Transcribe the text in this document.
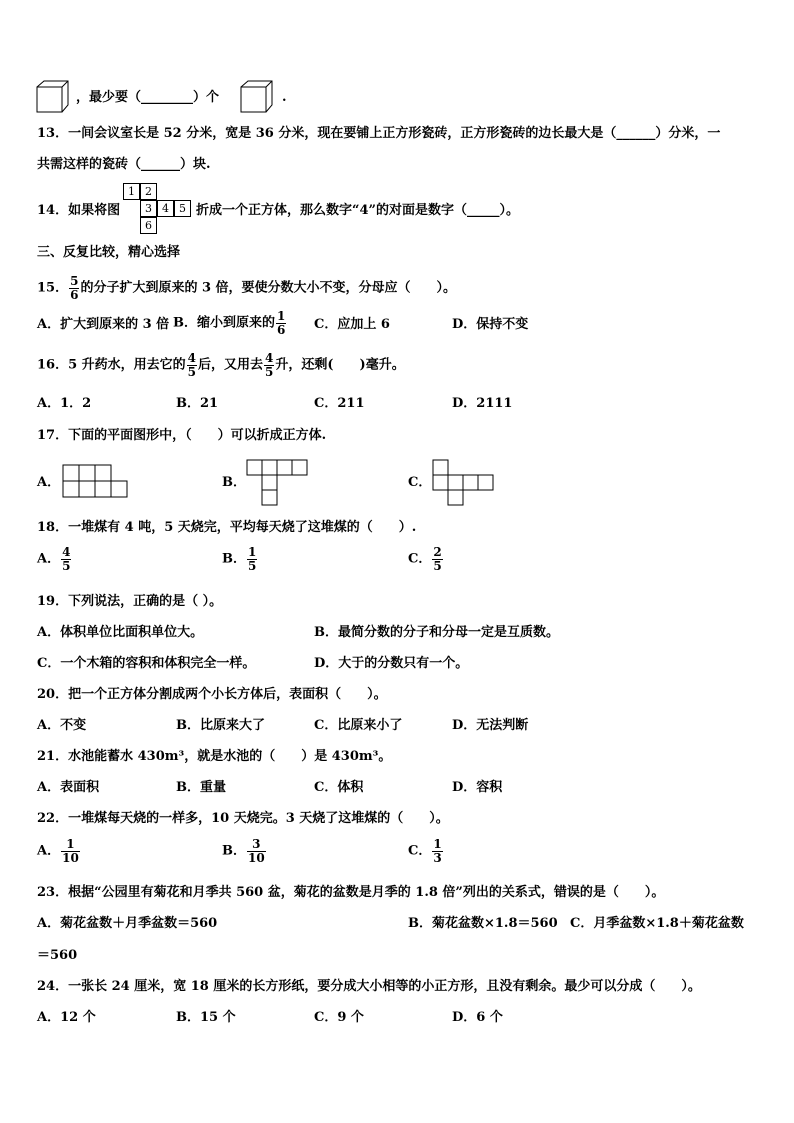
，最少要（________）个	.
13．一间会议室长是 52 分米，宽是 36 分米，现在要铺上正方形瓷砖，正方形瓷砖的边长最大是（______）分米，一
共需这样的瓷砖（______）块.
14．如果将图
1 2
3 4 5
6
折成一个正方体，那么数字“4”的对面是数字（_____）。
三、反复比较，精心选择
15． $\frac{5}{6}$ 的分子扩大到原来的 3 倍，要使分数大小不变，分母应（　　）。
A．扩大到原来的 3 倍 B．缩小到原来的 $\frac{1}{6}$ C．应加上 6	D．保持不变
16．5 升药水，用去它的 $\frac{4}{5}$ 后，又用去 $\frac{4}{5}$ 升，还剩(　　)毫升。
A．1．2	B．21	C．211	D．2111
17．下面的平面图形中，（　　）可以折成正方体.
A．	B．	C．
18．一堆煤有 4 吨，5 天烧完，平均每天烧了这堆煤的（　　）.
A． $\frac{4}{5}$	B． $\frac{1}{5}$	C． $\frac{2}{5}$
19．下列说法，正确的是（ ）。
A．体积单位比面积单位大。	B．最简分数的分子和分母一定是互质数。
C．一个木箱的容积和体积完全一样。	D．大于的分数只有一个。
20．把一个正方体分割成两个小长方体后，表面积（　　）。
A．不变	B．比原来大了	C．比原来小了	D．无法判断
21．水池能蓄水 430m³，就是水池的（　　）是 430m³。
A．表面积	B．重量	C．体积	D．容积
22．一堆煤每天烧的一样多，10 天烧完。3 天烧了这堆煤的（　　）。
A． $\frac{1}{10}$	B． $\frac{3}{10}$	C． $\frac{1}{3}$
23．根据“公园里有菊花和月季共 560 盆，菊花的盆数是月季的 1.8 倍”列出的关系式，错误的是（　　）。
A．菊花盆数＋月季盆数＝560	B．菊花盆数×1.8＝560 C．月季盆数×1.8＋菊花盆数
＝560
24．一张长 24 厘米，宽 18 厘米的长方形纸，要分成大小相等的小正方形，且没有剩余。最少可以分成（　　）。
A．12 个	B．15 个	C．9 个	D．6 个
